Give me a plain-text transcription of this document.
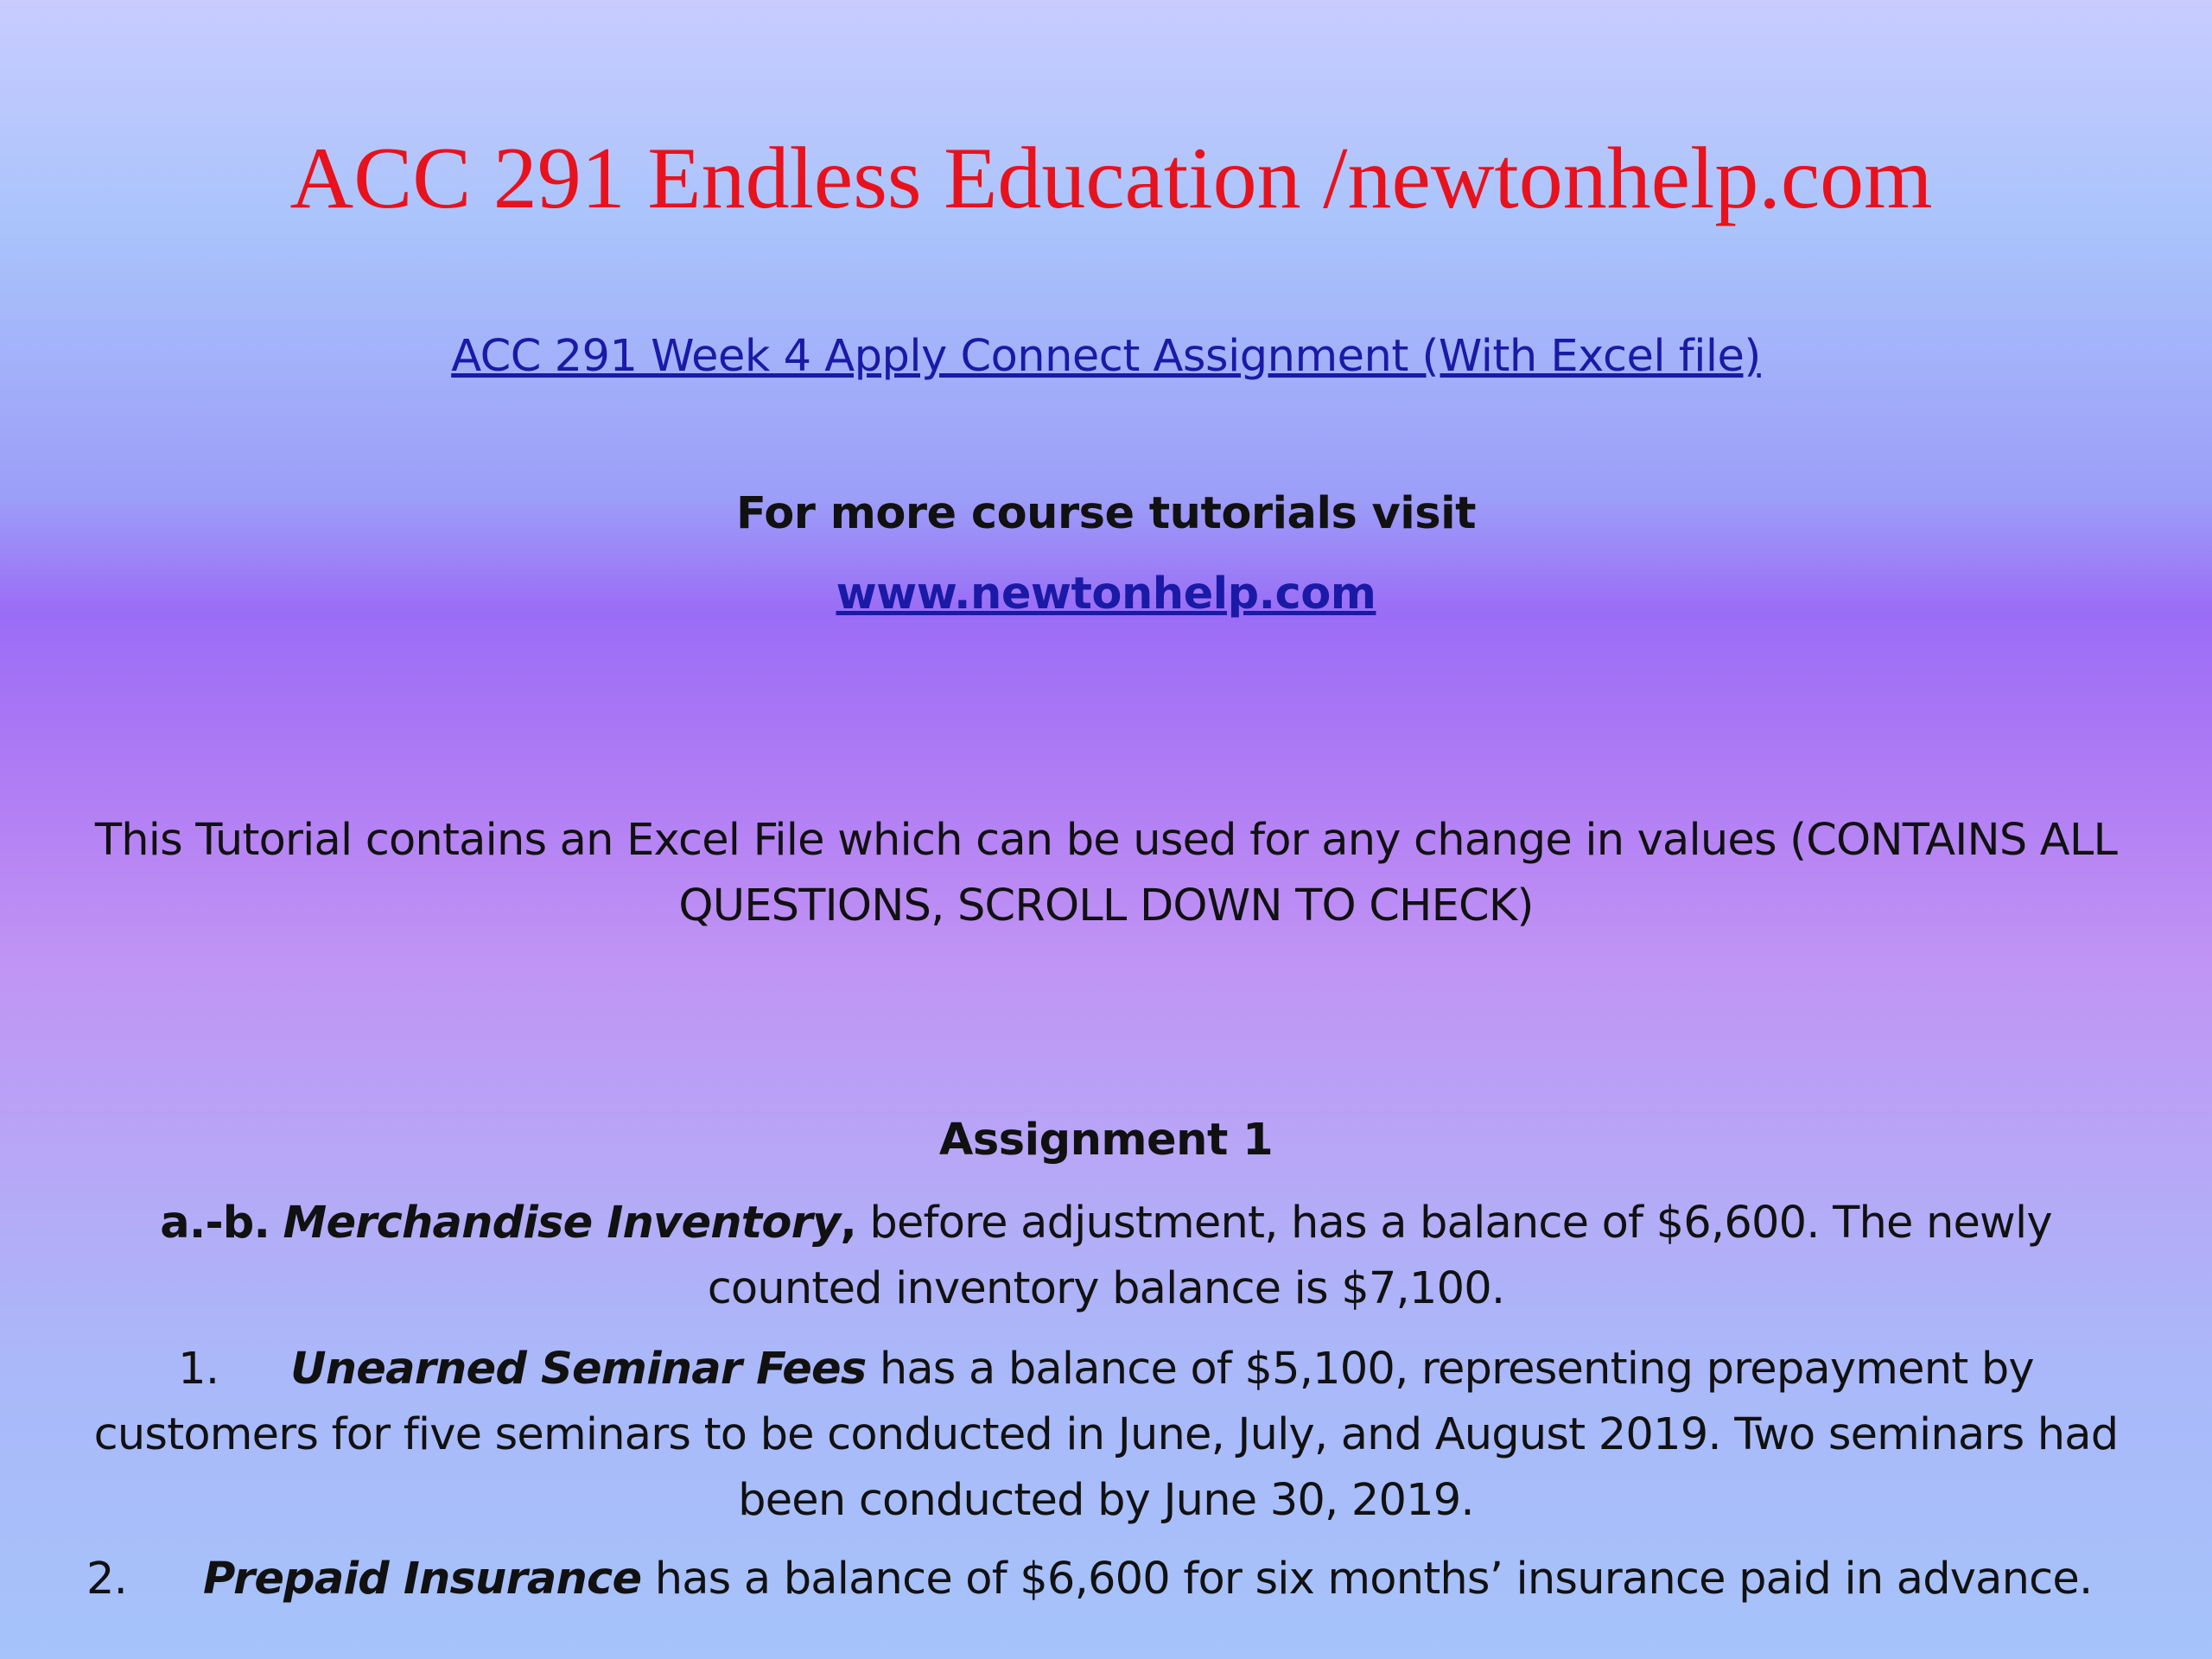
ACC 291 Endless Education /newtonhelp.com
ACC 291 Week 4 Apply Connect Assignment (With Excel file)
For more course tutorials visit
www.newtonhelp.com
This Tutorial contains an Excel File which can be used for any change in values (CONTAINS ALL QUESTIONS, SCROLL DOWN TO CHECK)
Assignment 1
a.-b. Merchandise Inventory, before adjustment, has a balance of $6,600. The newly counted inventory balance is $7,100.
1. Unearned Seminar Fees has a balance of $5,100, representing prepayment by customers for five seminars to be conducted in June, July, and August 2019. Two seminars had been conducted by June 30, 2019.
2. Prepaid Insurance has a balance of $6,600 for six months’ insurance paid in advance.
